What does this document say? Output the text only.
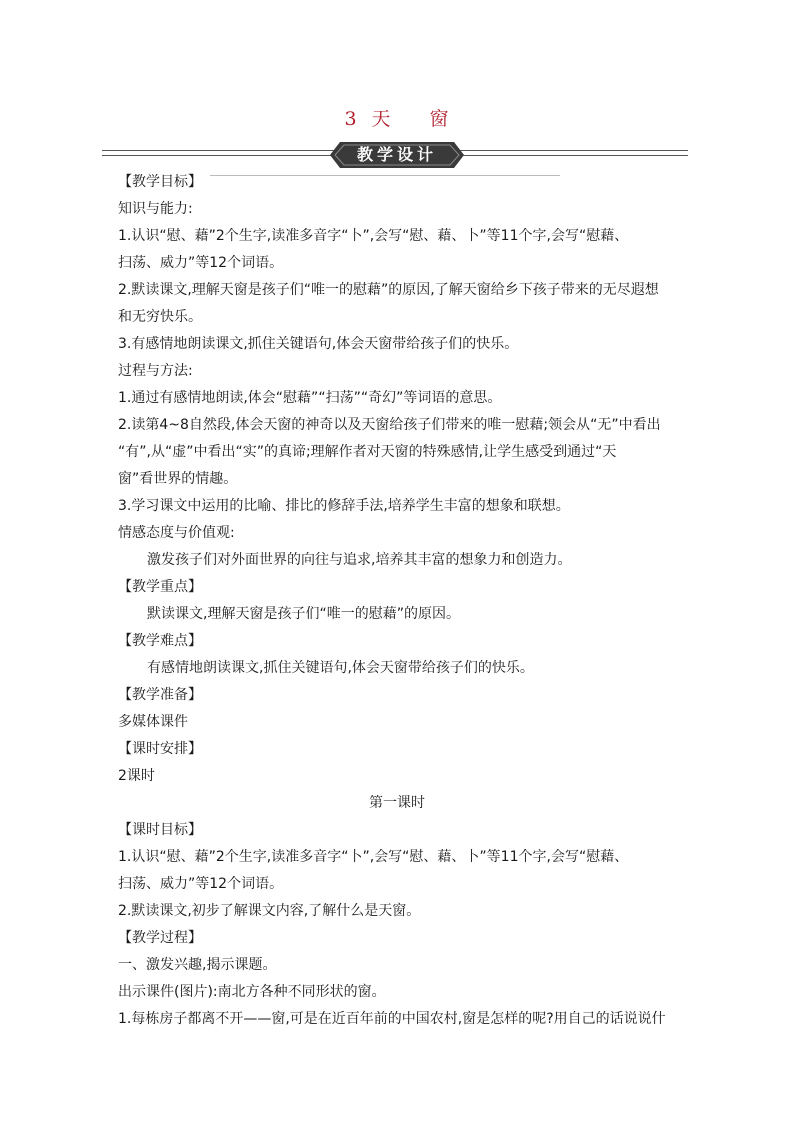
3 天 窗
教学设计
【教学目标】
知识与能力:
1.认识“慰、藉”2个生字,读准多音字“卜”,会写“慰、藉、卜”等11个字,会写“慰藉、
扫荡、威力”等12个词语。
2.默读课文,理解天窗是孩子们“唯一的慰藉”的原因,了解天窗给乡下孩子带来的无尽遐想
和无穷快乐。
3.有感情地朗读课文,抓住关键语句,体会天窗带给孩子们的快乐。
过程与方法:
1.通过有感情地朗读,体会“慰藉”“扫荡”“奇幻”等词语的意思。
2.读第4~8自然段,体会天窗的神奇以及天窗给孩子们带来的唯一慰藉;领会从“无”中看出
“有”,从“虚”中看出“实”的真谛;理解作者对天窗的特殊感情,让学生感受到通过“天
窗”看世界的情趣。
3.学习课文中运用的比喻、排比的修辞手法,培养学生丰富的想象和联想。
情感态度与价值观:
激发孩子们对外面世界的向往与追求,培养其丰富的想象力和创造力。
【教学重点】
默读课文,理解天窗是孩子们“唯一的慰藉”的原因。
【教学难点】
有感情地朗读课文,抓住关键语句,体会天窗带给孩子们的快乐。
【教学准备】
多媒体课件
【课时安排】
2课时
第一课时
【课时目标】
1.认识“慰、藉”2个生字,读准多音字“卜”,会写“慰、藉、卜”等11个字,会写“慰藉、
扫荡、威力”等12个词语。
2.默读课文,初步了解课文内容,了解什么是天窗。
【教学过程】
一、激发兴趣,揭示课题。
出示课件(图片):南北方各种不同形状的窗。
1.每栋房子都离不开——窗,可是在近百年前的中国农村,窗是怎样的呢?用自己的话说说什
